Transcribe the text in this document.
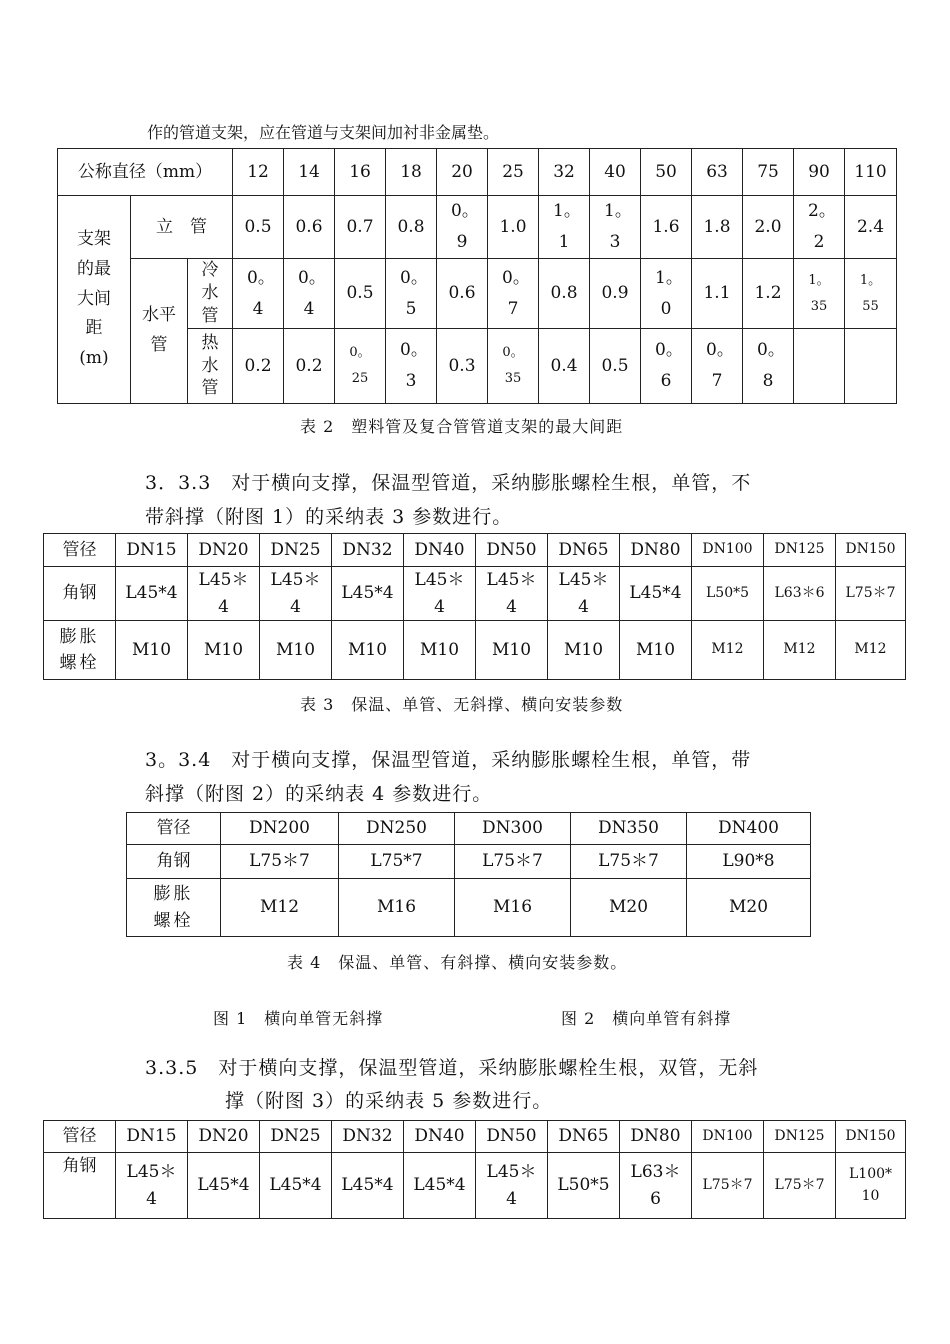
作的管道支架，应在管道与支架间加衬非金属垫。
公称直径（mm）			12	14	16	18	20	25	32	40	50	63	75	90	110

支架的最大间距(m)	立　管		0.5	0.6	0.7	0.8	0。9	1.0	1。1	1。3	1.6	1.8	2.0	2。2	2.4

	水平管	冷水管	0。4	0。4	0.5	0。5	0.6	0。7	0.8	0.9	1。0	1.1	1.2	1。35	1。55

		热水管	0.2	0.2	0。25	0。3	0.3	0。35	0.4	0.5	0。6	0。7	0。8		

表 2　塑料管及复合管管道支架的最大间距
3．3.3　对于横向支撑，保温型管道，采纳膨胀螺栓生根，单管，不
带斜撑（附图 1）的采纳表 3 参数进行。
管径	DN15	DN20	DN25	DN32	DN40	DN50	DN65	DN80	DN100	DN125	DN150
角钢	L45*4	L45＊4	L45＊4	L45*4	L45＊4	L45＊4	L45＊4	L45*4	L50*5	L63＊6	L75＊7

膨胀螺栓	M10	M10	M10	M10	M10	M10	M10	M10	M12	M12	M12
表 3　保温、单管、无斜撑、横向安装参数
3。3.4　对于横向支撑，保温型管道，采纳膨胀螺栓生根，单管，带
斜撑（附图 2）的采纳表 4 参数进行。
管径	DN200	DN250	DN300	DN350	DN400
角钢	L75＊7	L75*7	L75＊7	L75＊7	L90*8

膨胀螺栓	M12	M16	M16	M20	M20
表 4　保温、单管、有斜撑、横向安装参数。
图 1　横向单管无斜撑	图 2　横向单管有斜撑
3.3.5　对于横向支撑，保温型管道，采纳膨胀螺栓生根，双管，无斜
撑（附图 3）的采纳表 5 参数进行。
管径	DN15	DN20	DN25	DN32	DN40	DN50	DN65	DN80	DN100	DN125	DN150

角钢	L45＊4	L45*4	L45*4	L45*4	L45*4	L45＊4	L50*5	L63＊6	L75＊7	L75＊7	L100*10
